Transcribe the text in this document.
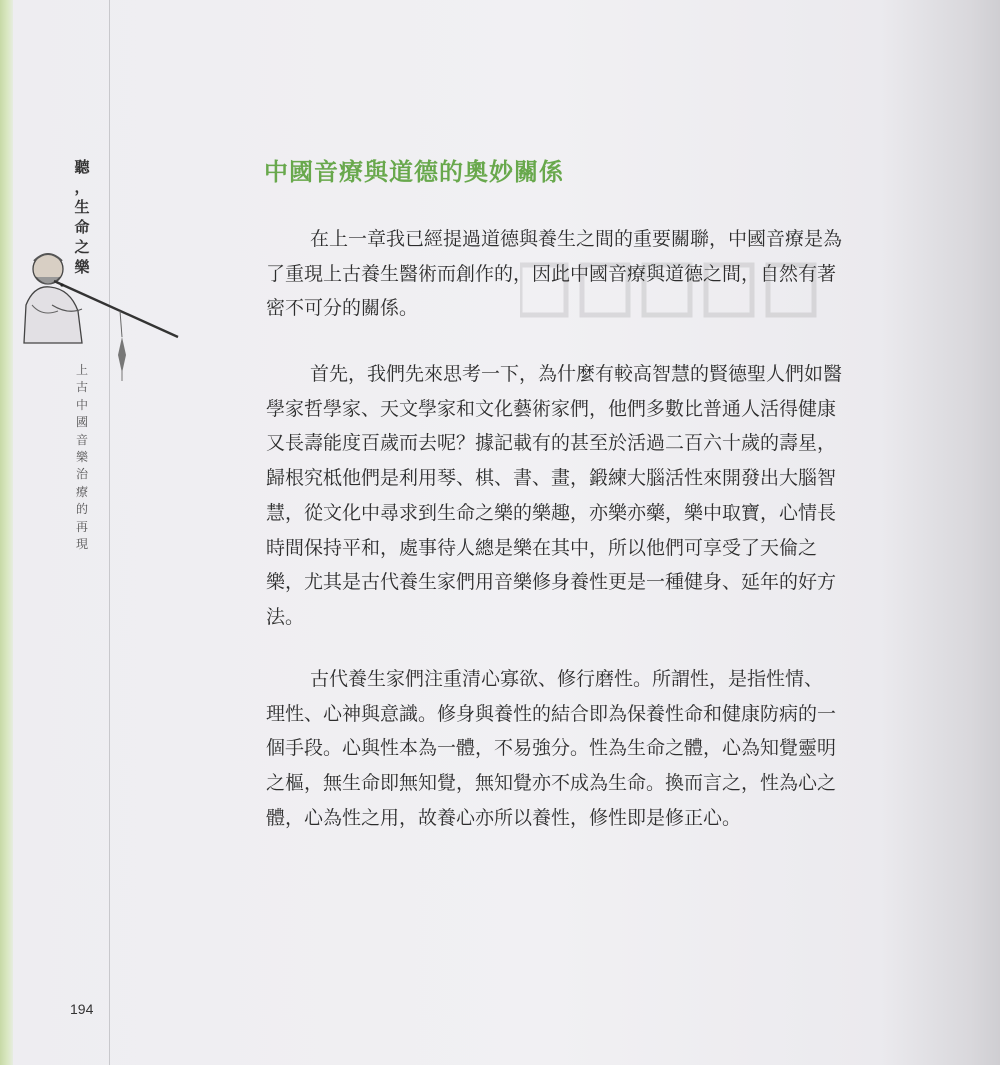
聽
，
生
命
之
樂
上
古
中
國
音
樂
治
療
的
再
現
194
中國音療與道德的奧妙關係
在上一章我已經提過道德與養生之間的重要關聯，中國音療是為
了重現上古養生醫術而創作的，因此中國音療與道德之間，自然有著
密不可分的關係。
首先，我們先來思考一下，為什麼有較高智慧的賢德聖人們如醫
學家哲學家、天文學家和文化藝術家們，他們多數比普通人活得健康
又長壽能度百歲而去呢？據記載有的甚至於活過二百六十歲的壽星，
歸根究柢他們是利用琴、棋、書、畫，鍛練大腦活性來開發出大腦智
慧，從文化中尋求到生命之樂的樂趣，亦樂亦藥，樂中取寶，心情長
時間保持平和，處事待人總是樂在其中，所以他們可享受了天倫之
樂，尤其是古代養生家們用音樂修身養性更是一種健身、延年的好方
法。
古代養生家們注重清心寡欲、修行磨性。所謂性，是指性情、
理性、心神與意識。修身與養性的結合即為保養性命和健康防病的一
個手段。心與性本為一體，不易強分。性為生命之體，心為知覺靈明
之樞，無生命即無知覺，無知覺亦不成為生命。換而言之，性為心之
體，心為性之用，故養心亦所以養性，修性即是修正心。
